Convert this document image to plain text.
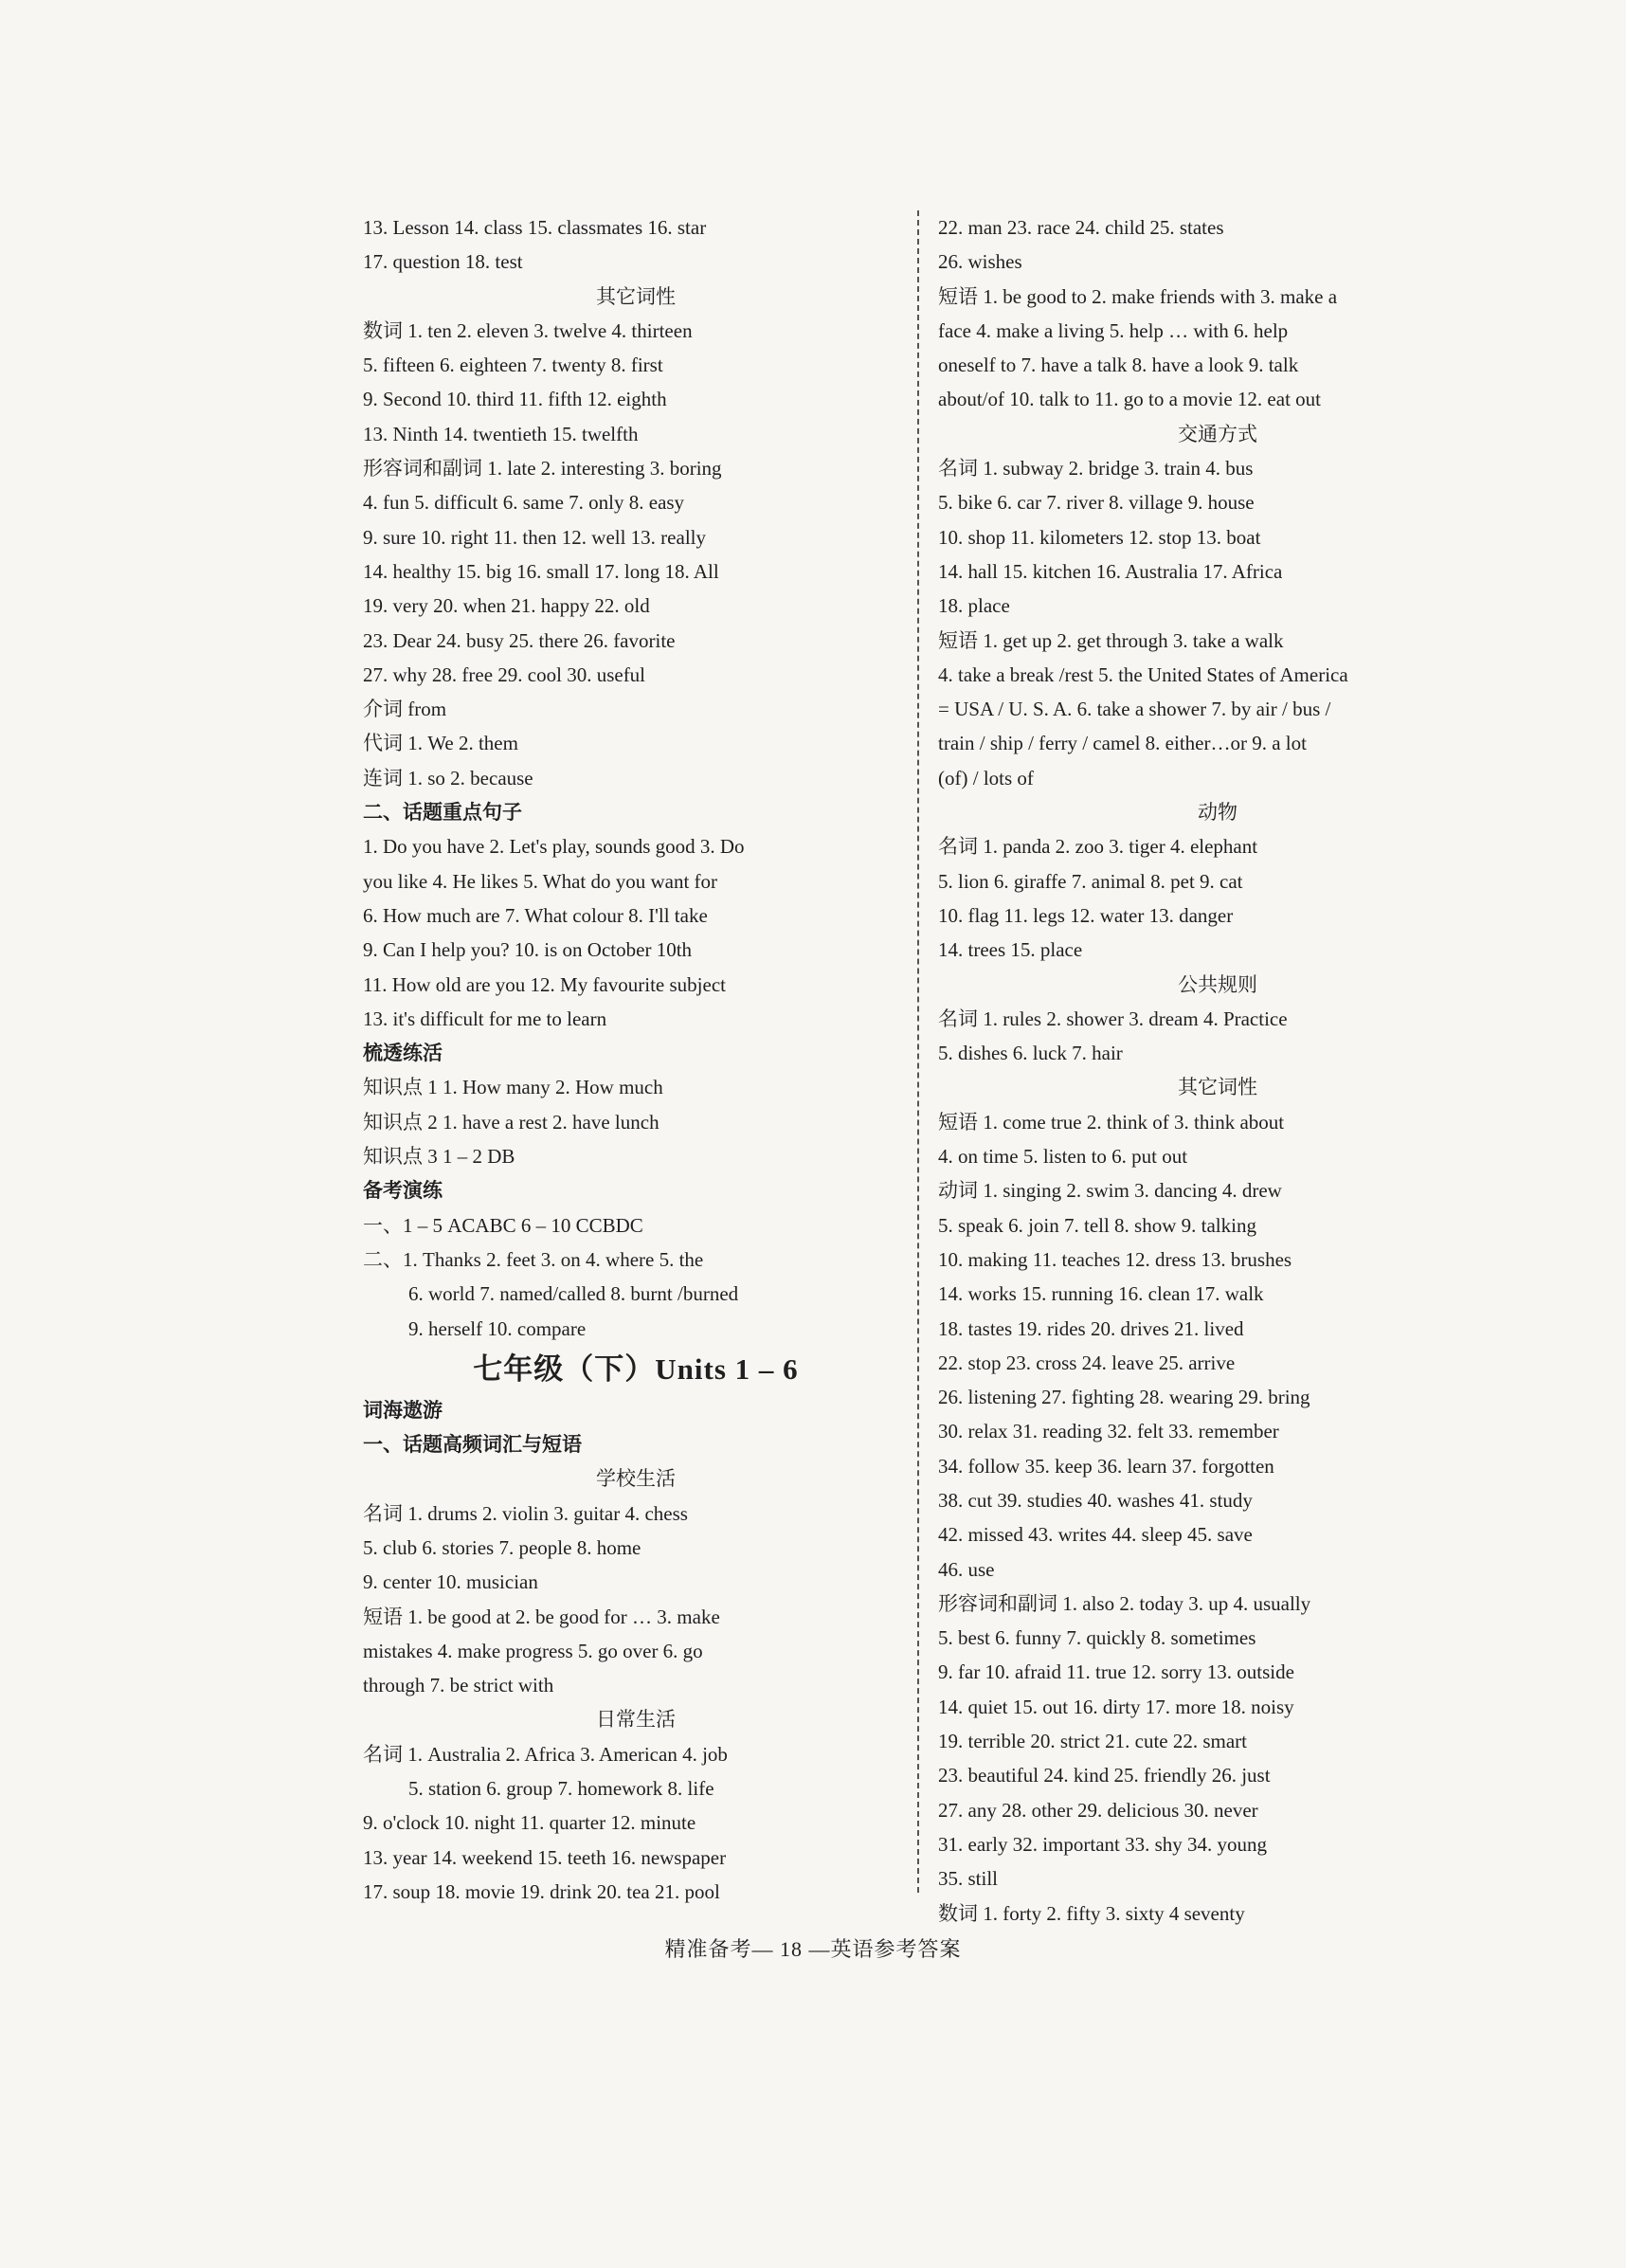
13. Lesson 14. class 15. classmates 16. star
17. question 18. test
其它词性
数词 1. ten 2. eleven 3. twelve 4. thirteen
5. fifteen 6. eighteen 7. twenty 8. first
9. Second 10. third 11. fifth 12. eighth
13. Ninth 14. twentieth 15. twelfth
形容词和副词 1. late 2. interesting 3. boring
4. fun 5. difficult 6. same 7. only 8. easy
9. sure 10. right 11. then 12. well 13. really
14. healthy 15. big 16. small 17. long 18. All
19. very 20. when 21. happy 22. old
23. Dear 24. busy 25. there 26. favorite
27. why 28. free 29. cool 30. useful
介词 from
代词 1. We 2. them
连词 1. so 2. because
二、话题重点句子
1. Do you have 2. Let's play, sounds good 3. Do
you like 4. He likes 5. What do you want for
6. How much are 7. What colour 8. I'll take
9. Can I help you? 10. is on October 10th
11. How old are you 12. My favourite subject
13. it's difficult for me to learn
梳透练活
知识点 1 1. How many 2. How much
知识点 2 1. have a rest 2. have lunch
知识点 3 1 – 2 DB
备考演练
一、1 – 5 ACABC 6 – 10 CCBDC
二、1. Thanks 2. feet 3. on 4. where 5. the
6. world 7. named/called 8. burnt /burned
9. herself 10. compare
七年级（下）Units 1 – 6
词海遨游
一、话题高频词汇与短语
学校生活
名词 1. drums 2. violin 3. guitar 4. chess
5. club 6. stories 7. people 8. home
9. center 10. musician
短语 1. be good at 2. be good for … 3. make
mistakes 4. make progress 5. go over 6. go
through 7. be strict with
日常生活
名词 1. Australia 2. Africa 3. American 4. job
5. station 6. group 7. homework 8. life
9. o'clock 10. night 11. quarter 12. minute
13. year 14. weekend 15. teeth 16. newspaper
17. soup 18. movie 19. drink 20. tea 21. pool
22. man 23. race 24. child 25. states
26. wishes
短语 1. be good to 2. make friends with 3. make a
face 4. make a living 5. help … with 6. help
oneself to 7. have a talk 8. have a look 9. talk
about/of 10. talk to 11. go to a movie 12. eat out
交通方式
名词 1. subway 2. bridge 3. train 4. bus
5. bike 6. car 7. river 8. village 9. house
10. shop 11. kilometers 12. stop 13. boat
14. hall 15. kitchen 16. Australia 17. Africa
18. place
短语 1. get up 2. get through 3. take a walk
4. take a break /rest 5. the United States of America
= USA / U. S. A. 6. take a shower 7. by air / bus /
train / ship / ferry / camel 8. either…or 9. a lot
(of) / lots of
动物
名词 1. panda 2. zoo 3. tiger 4. elephant
5. lion 6. giraffe 7. animal 8. pet 9. cat
10. flag 11. legs 12. water 13. danger
14. trees 15. place
公共规则
名词 1. rules 2. shower 3. dream 4. Practice
5. dishes 6. luck 7. hair
其它词性
短语 1. come true 2. think of 3. think about
4. on time 5. listen to 6. put out
动词 1. singing 2. swim 3. dancing 4. drew
5. speak 6. join 7. tell 8. show 9. talking
10. making 11. teaches 12. dress 13. brushes
14. works 15. running 16. clean 17. walk
18. tastes 19. rides 20. drives 21. lived
22. stop 23. cross 24. leave 25. arrive
26. listening 27. fighting 28. wearing 29. bring
30. relax 31. reading 32. felt 33. remember
34. follow 35. keep 36. learn 37. forgotten
38. cut 39. studies 40. washes 41. study
42. missed 43. writes 44. sleep 45. save
46. use
形容词和副词 1. also 2. today 3. up 4. usually
5. best 6. funny 7. quickly 8. sometimes
9. far 10. afraid 11. true 12. sorry 13. outside
14. quiet 15. out 16. dirty 17. more 18. noisy
19. terrible 20. strict 21. cute 22. smart
23. beautiful 24. kind 25. friendly 26. just
27. any 28. other 29. delicious 30. never
31. early 32. important 33. shy 34. young
35. still
数词 1. forty 2. fifty 3. sixty 4 seventy
精准备考— 18 —英语参考答案
